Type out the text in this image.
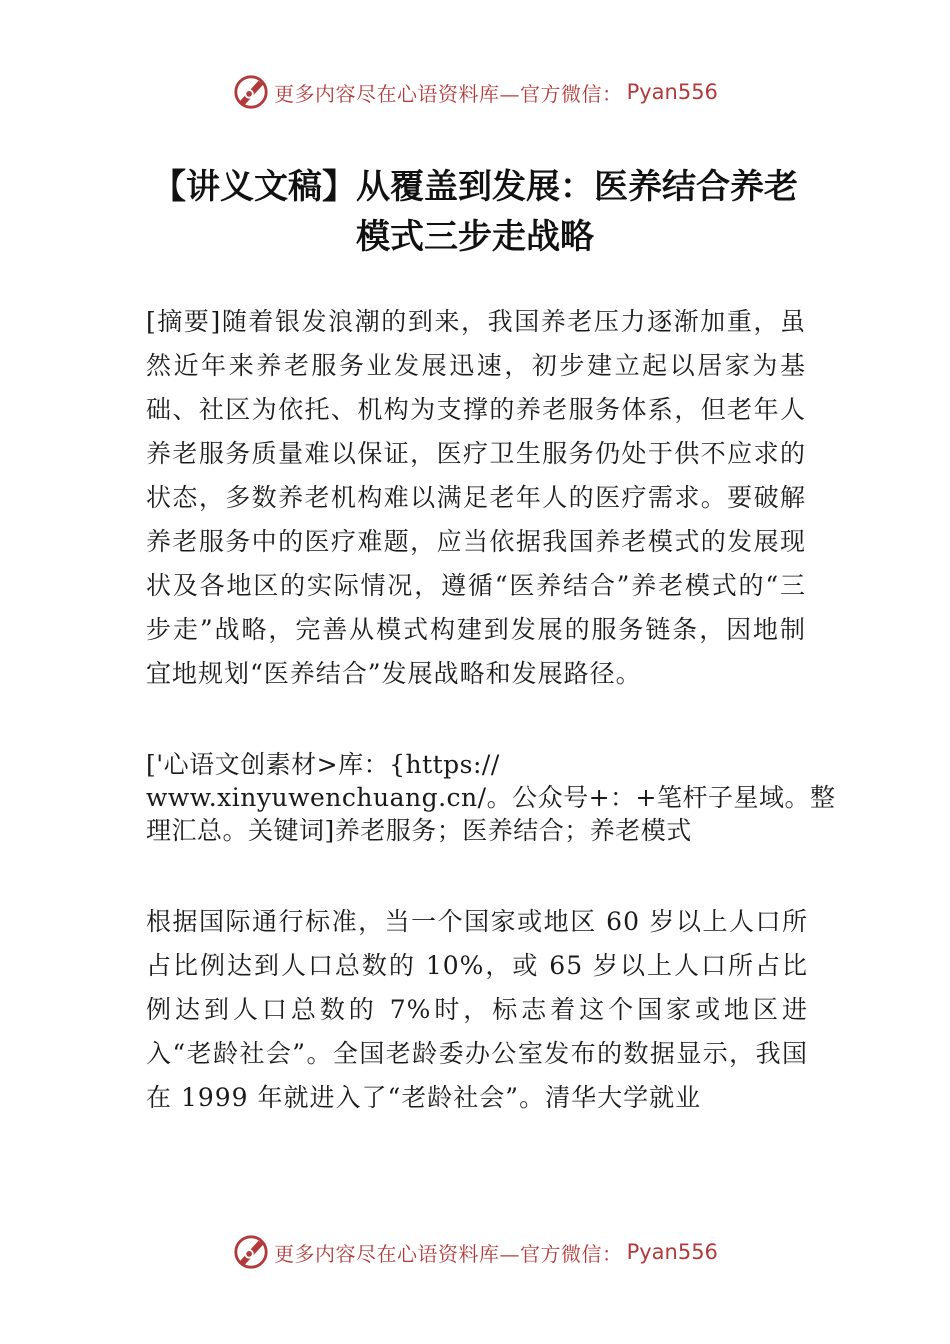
更多内容尽在心语资料库—官方微信： Pyan556
【讲义文稿】从覆盖到发展：医养结合养老
模式三步走战略

[摘要]随着银发浪潮的到来，我国养老压力逐渐加重，虽然近年来养老服务业发展迅速，初步建立起以居家为基础、社区为依托、机构为支撑的养老服务体系，但老年人养老服务质量难以保证，医疗卫生服务仍处于供不应求的状态，多数养老机构难以满足老年人的医疗需求。要破解养老服务中的医疗难题，应当依据我国养老模式的发展现状及各地区的实际情况，遵循“医养结合”养老模式的“三步走”战略，完善从模式构建到发展的服务链条，因地制宜地规划“医养结合”发展战略和发展路径。

['心语文创素材>库：{https://
www.xinyuwenchuang.cn/。公众号+：+笔杆子星域。整
理汇总。关键词]养老服务；医养结合；养老模式

根据国际通行标准，当一个国家或地区 60 岁以上人口所占比例达到人口总数的 10%，或 65 岁以上人口所占比例达到人口总数的 7%时，标志着这个国家或地区进入“老龄社会”。全国老龄委办公室发布的数据显示，我国在 1999 年就进入了“老龄社会”。清华大学就业

更多内容尽在心语资料库—官方微信： Pyan556
